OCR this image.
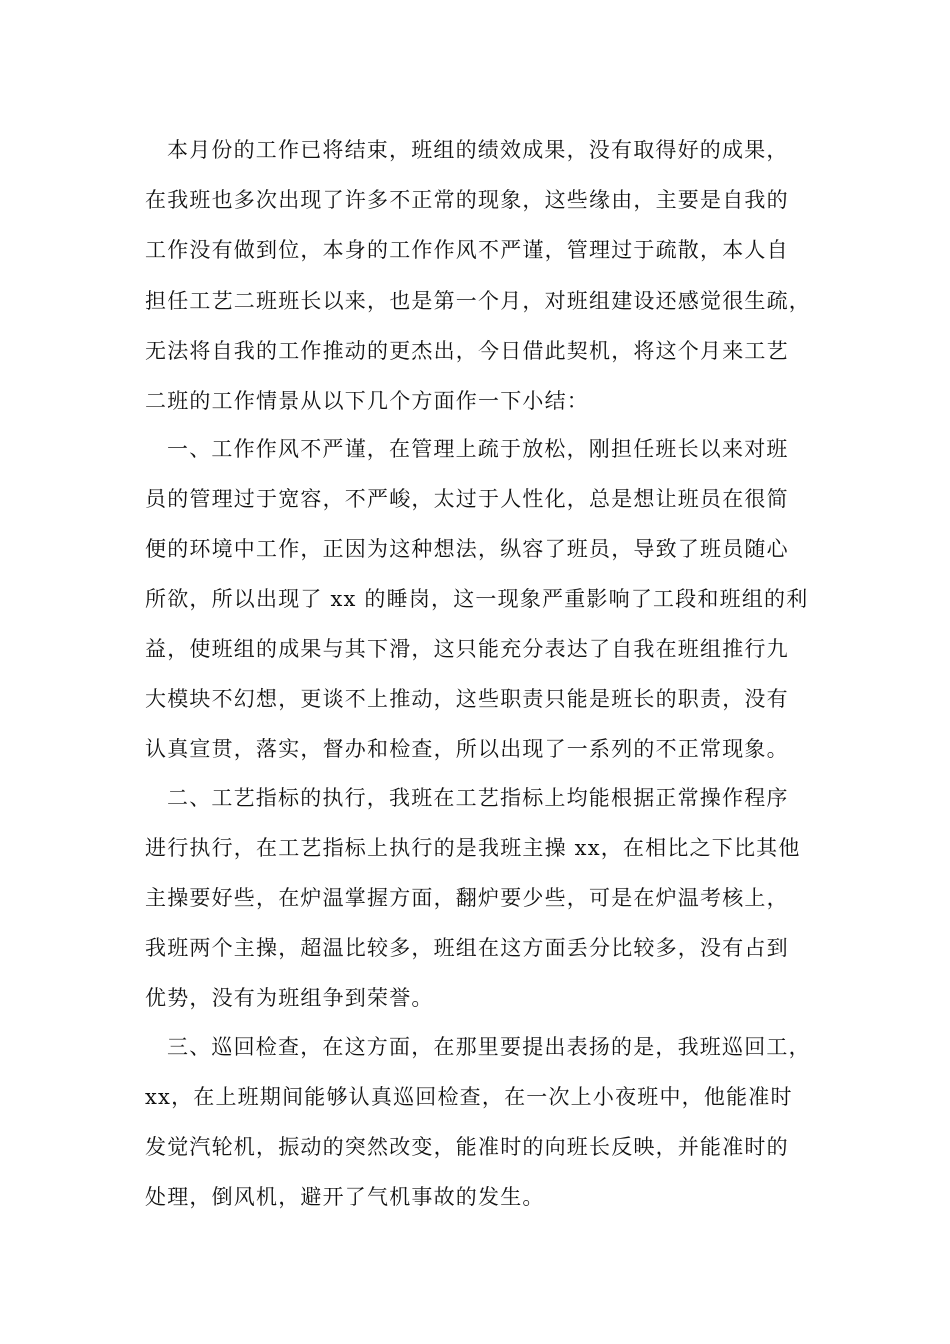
本月份的工作已将结束，班组的绩效成果，没有取得好的成果，
在我班也多次出现了许多不正常的现象，这些缘由，主要是自我的
工作没有做到位，本身的工作作风不严谨，管理过于疏散，本人自
担任工艺二班班长以来，也是第一个月，对班组建设还感觉很生疏，
无法将自我的工作推动的更杰出，今日借此契机，将这个月来工艺
二班的工作情景从以下几个方面作一下小结：
一、工作作风不严谨，在管理上疏于放松，刚担任班长以来对班
员的管理过于宽容，不严峻，太过于人性化，总是想让班员在很简
便的环境中工作，正因为这种想法，纵容了班员，导致了班员随心
所欲，所以出现了 xx 的睡岗，这一现象严重影响了工段和班组的利
益，使班组的成果与其下滑，这只能充分表达了自我在班组推行九
大模块不幻想，更谈不上推动，这些职责只能是班长的职责，没有
认真宣贯，落实，督办和检查，所以出现了一系列的不正常现象。
二、工艺指标的执行，我班在工艺指标上均能根据正常操作程序
进行执行，在工艺指标上执行的是我班主操 xx，在相比之下比其他
主操要好些，在炉温掌握方面，翻炉要少些，可是在炉温考核上，
我班两个主操，超温比较多，班组在这方面丢分比较多，没有占到
优势，没有为班组争到荣誉。
三、巡回检查，在这方面，在那里要提出表扬的是，我班巡回工，
xx，在上班期间能够认真巡回检查，在一次上小夜班中，他能准时
发觉汽轮机，振动的突然改变，能准时的向班长反映，并能准时的
处理，倒风机，避开了气机事故的发生。
